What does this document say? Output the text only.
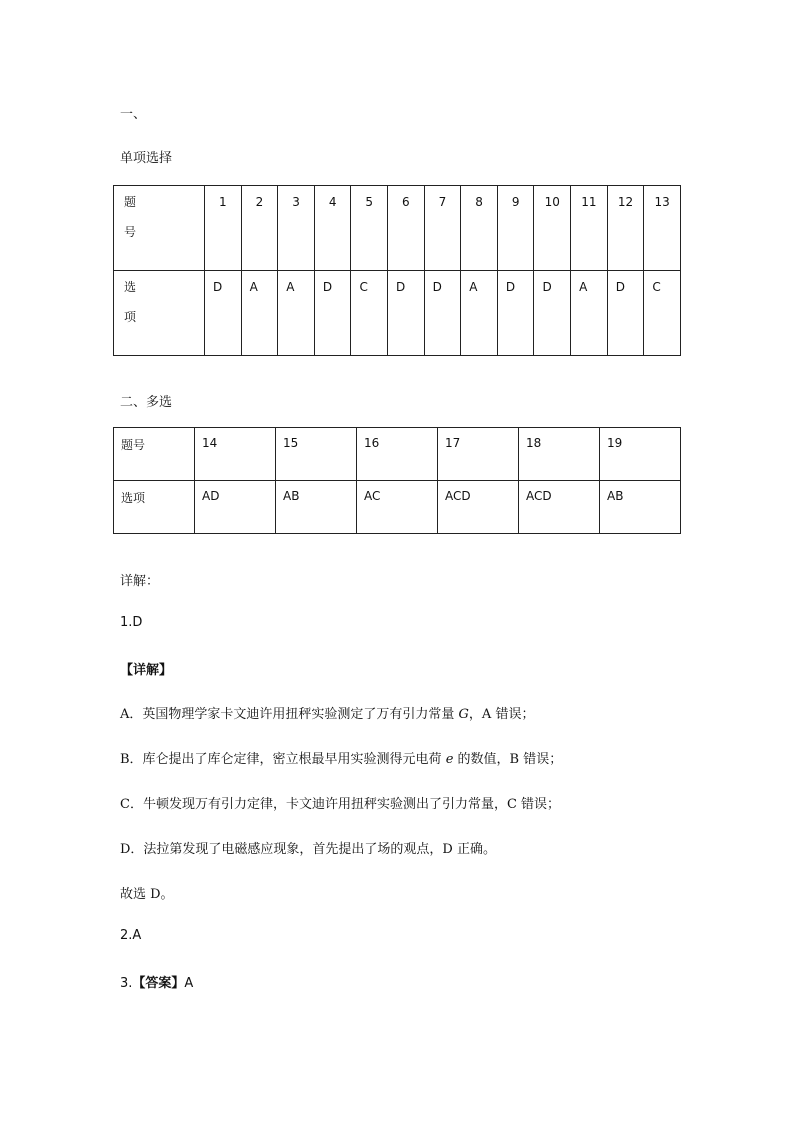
一、
单项选择
题
号	1	2	3	4	5	6	7	8	9	10	11	12	13

选
项	D	A	A	D	C	D	D	A	D	D	A	D	C
二、多选
题号	14	15	16	17	18	19
选项	AD	AB	AC	ACD	ACD	AB
详解：
1.D
【详解】
A．英国物理学家卡文迪许用扭秤实验测定了万有引力常量 G，A 错误；
B．库仑提出了库仑定律，密立根最早用实验测得元电荷 e 的数值，B 错误；
C．牛顿发现万有引力定律，卡文迪许用扭秤实验测出了引力常量，C 错误；
D．法拉第发现了电磁感应现象，首先提出了场的观点，D 正确。
故选 D。
2.A
3.【答案】A
